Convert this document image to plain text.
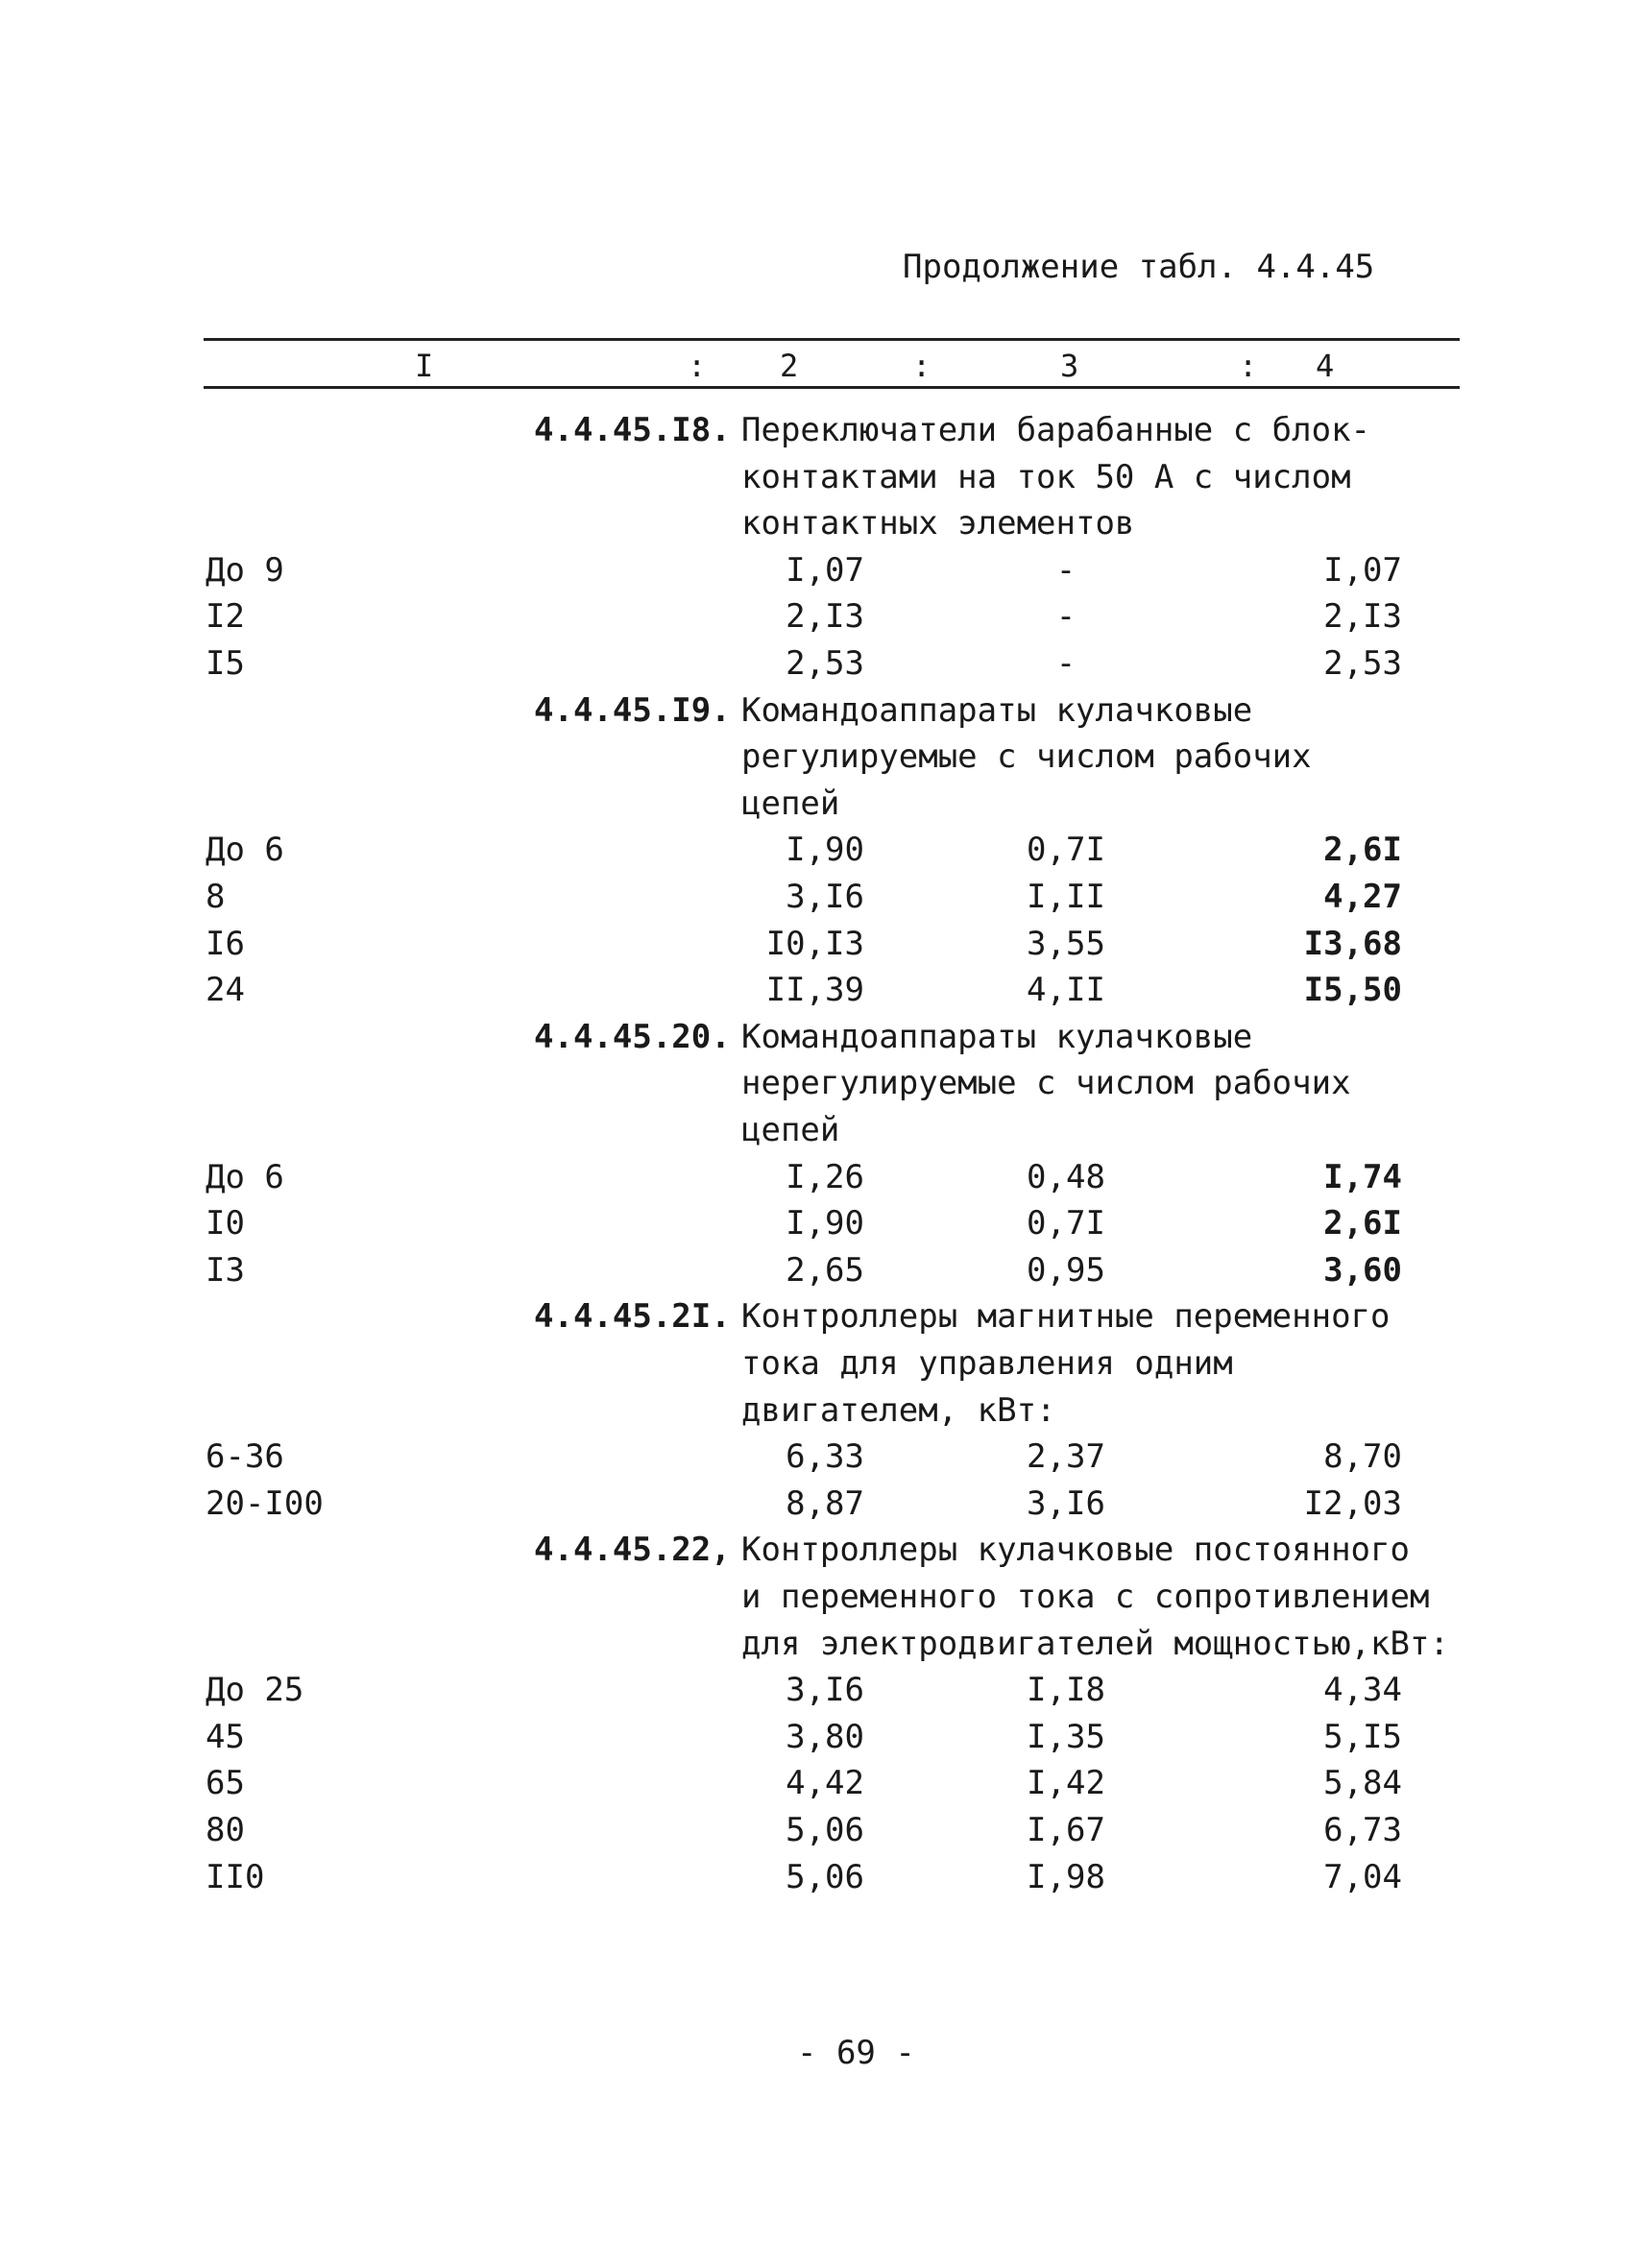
Продолжение табл. 4.4.45
I	: 2	:	3	: 4
4.4.45.I8. Переключатели барабанные с блок-
контактами на ток 50 А с числом
контактных элементов
До 9	I,07	-	I,07
I2	2,I3	-	2,I3
I5	2,53	-	2,53
4.4.45.I9. Командоаппараты кулачковые
регулируемые с числом рабочих
цепей
До 6	I,90	0,7I	2,6I
8	3,I6	I,II	4,27
I6	I0,I3	3,55	I3,68
24	II,39	4,II	I5,50
4.4.45.20. Командоаппараты кулачковые
нерегулируемые с числом рабочих
цепей
До 6	I,26	0,48	I,74
I0	I,90	0,7I	2,6I
I3	2,65	0,95	3,60
4.4.45.2I. Контроллеры магнитные переменного
тока для управления одним
двигателем, кВт:
6-36	6,33	2,37	8,70
20-I00	8,87	3,I6	I2,03
4.4.45.22, Контроллеры кулачковые постоянного
и переменного тока с сопротивлением
для электродвигателей мощностью,кВт:
До 25	3,I6	I,I8	4,34
45	3,80	I,35	5,I5
65	4,42	I,42	5,84
80	5,06	I,67	6,73
II0	5,06	I,98	7,04
- 69 -
